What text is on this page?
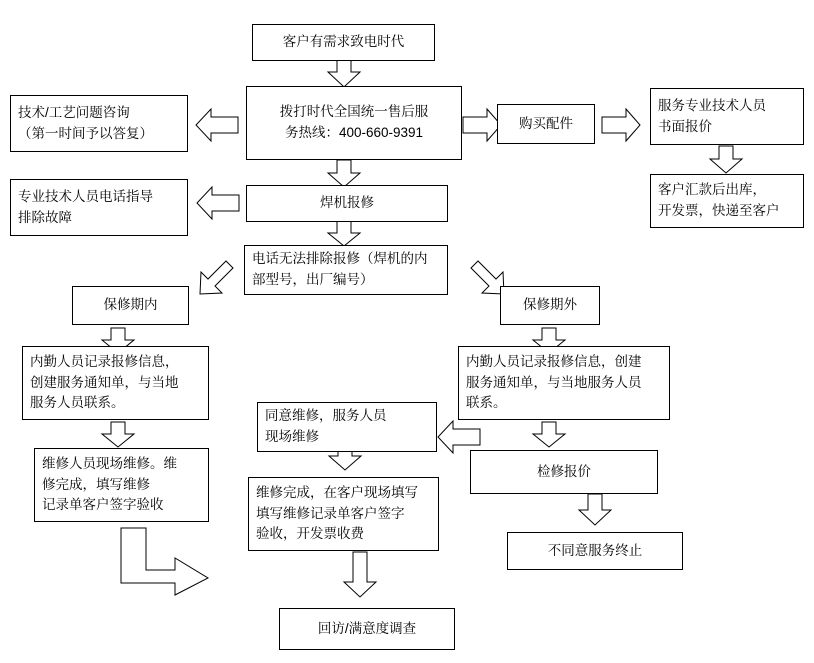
客户有需求致电时代
拨打时代全国统一售后服
务热线：400-660-9391
技术/工艺问题咨询
（第一时间予以答复）
购买配件
服务专业技术人员
书面报价
客户汇款后出库，
开发票，快递至客户
焊机报修
专业技术人员电话指导
排除故障
电话无法排除报修（焊机的内
部型号，出厂编号）
保修期内	保修期外
内勤人员记录报修信息，
创建服务通知单，与当地
服务人员联系。
内勤人员记录报修信息，创建
服务通知单，与当地服务人员
联系。
维修人员现场维修。维
修完成，填写维修
记录单客户签字验收
同意维修，服务人员
现场维修
检修报价
维修完成，在客户现场填写
填写维修记录单客户签字
验收，开发票收费
不同意服务终止
回访/满意度调查
